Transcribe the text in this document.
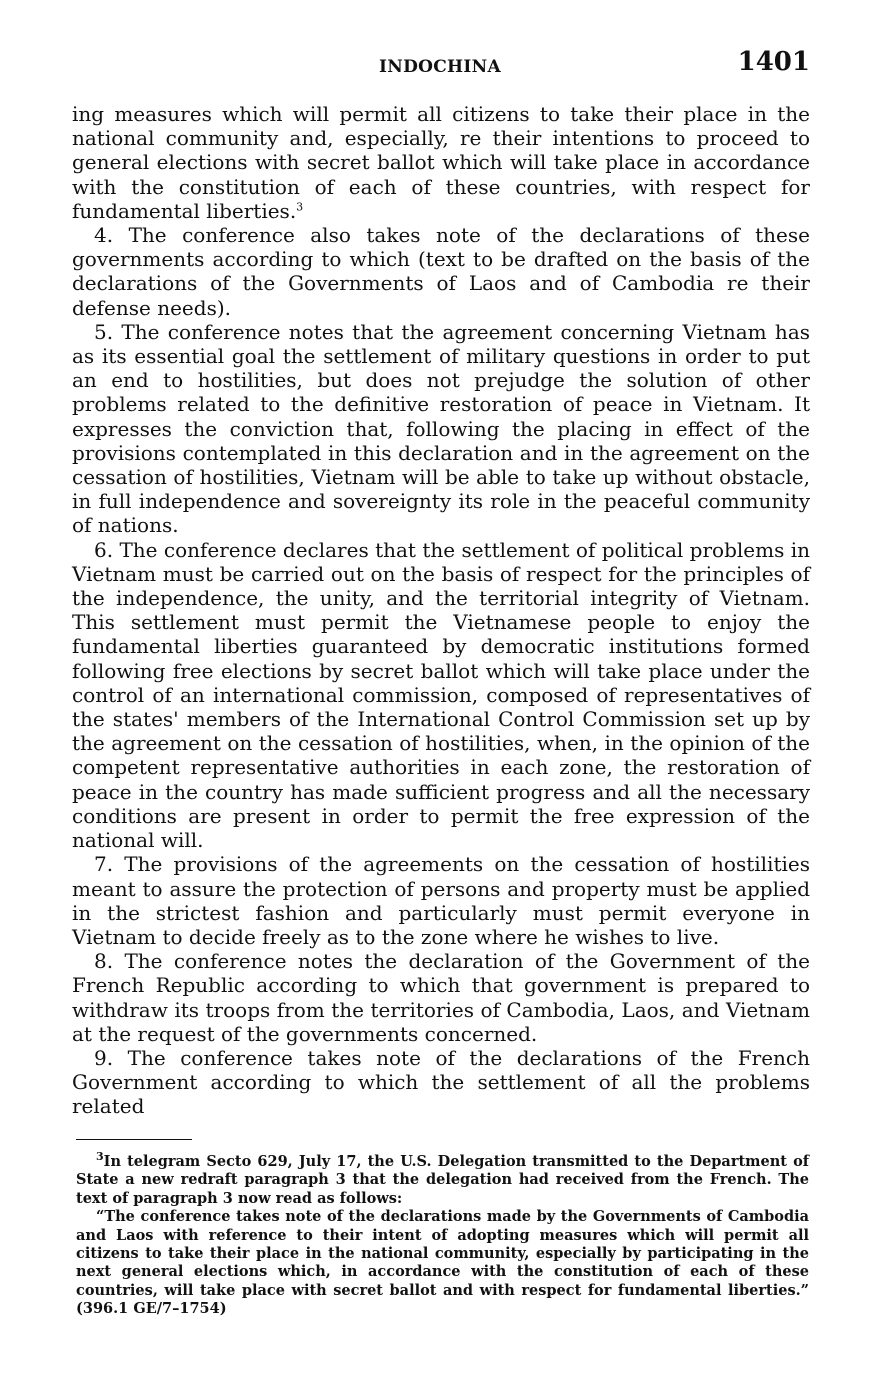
INDOCHINA	1401

ing measures which will permit all citizens to take their place in the national community and, especially, re their intentions to proceed to general elections with secret ballot which will take place in accordance with the constitution of each of these countries, with respect for fundamental liberties.$^3$

4. The conference also takes note of the declarations of these governments according to which (text to be drafted on the basis of the declarations of the Governments of Laos and of Cambodia re their defense needs).

5. The conference notes that the agreement concerning Vietnam has as its essential goal the settlement of military questions in order to put an end to hostilities, but does not prejudge the solution of other problems related to the definitive restoration of peace in Vietnam. It expresses the conviction that, following the placing in effect of the provisions contemplated in this declaration and in the agreement on the cessation of hostilities, Vietnam will be able to take up without obstacle, in full independence and sovereignty its role in the peaceful community of nations.

6. The conference declares that the settlement of political problems in Vietnam must be carried out on the basis of respect for the principles of the independence, the unity, and the territorial integrity of Vietnam. This settlement must permit the Vietnamese people to enjoy the fundamental liberties guaranteed by democratic institutions formed following free elections by secret ballot which will take place under the control of an international commission, composed of representatives of the states' members of the International Control Commission set up by the agreement on the cessation of hostilities, when, in the opinion of the competent representative authorities in each zone, the restoration of peace in the country has made sufficient progress and all the necessary conditions are present in order to permit the free expression of the national will.

7. The provisions of the agreements on the cessation of hostilities meant to assure the protection of persons and property must be applied in the strictest fashion and particularly must permit everyone in Vietnam to decide freely as to the zone where he wishes to live.

8. The conference notes the declaration of the Government of the French Republic according to which that government is prepared to withdraw its troops from the territories of Cambodia, Laos, and Vietnam at the request of the governments concerned.

9. The conference takes note of the declarations of the French Government according to which the settlement of all the problems related

$^3$In telegram Secto 629, July 17, the U.S. Delegation transmitted to the Department of State a new redraft paragraph 3 that the delegation had received from the French. The text of paragraph 3 now read as follows:

“The conference takes note of the declarations made by the Governments of Cambodia and Laos with reference to their intent of adopting measures which will permit all citizens to take their place in the national community, especially by participating in the next general elections which, in accordance with the constitution of each of these countries, will take place with secret ballot and with respect for fundamental liberties.” (396.1 GE/7–1754)
